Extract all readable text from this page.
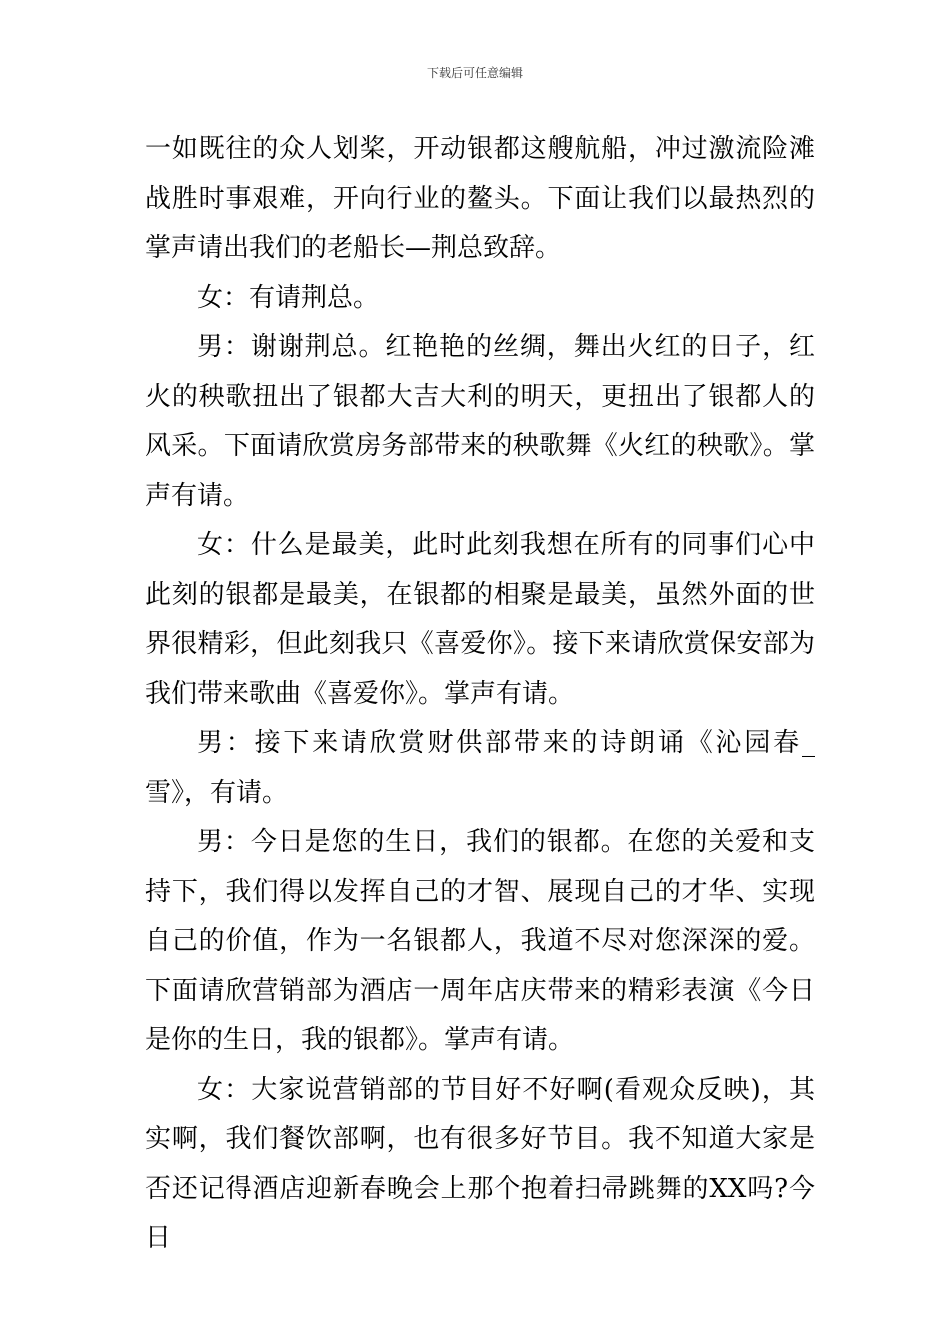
下载后可任意编辑

一如既往的众人划桨，开动银都这艘航船，冲过激流险滩战胜时事艰难，开向行业的鳌头。下面让我们以最热烈的掌声请出我们的老船长—荆总致辞。

女：有请荆总。

男：谢谢荆总。红艳艳的丝绸，舞出火红的日子，红火的秧歌扭出了银都大吉大利的明天，更扭出了银都人的风采。下面请欣赏房务部带来的秧歌舞《火红的秧歌》。掌声有请。

女：什么是最美，此时此刻我想在所有的同事们心中此刻的银都是最美，在银都的相聚是最美，虽然外面的世界很精彩，但此刻我只《喜爱你》。接下来请欣赏保安部为我们带来歌曲《喜爱你》。掌声有请。

男：接下来请欣赏财供部带来的诗朗诵《沁园春_雪》，有请。

男：今日是您的生日，我们的银都。在您的关爱和支持下，我们得以发挥自己的才智、展现自己的才华、实现自己的价值，作为一名银都人，我道不尽对您深深的爱。下面请欣营销部为酒店一周年店庆带来的精彩表演《今日是你的生日，我的银都》。掌声有请。

女：大家说营销部的节目好不好啊(看观众反映)，其实啊，我们餐饮部啊，也有很多好节目。我不知道大家是否还记得酒店迎新春晚会上那个抱着扫帚跳舞的XX吗?今日
